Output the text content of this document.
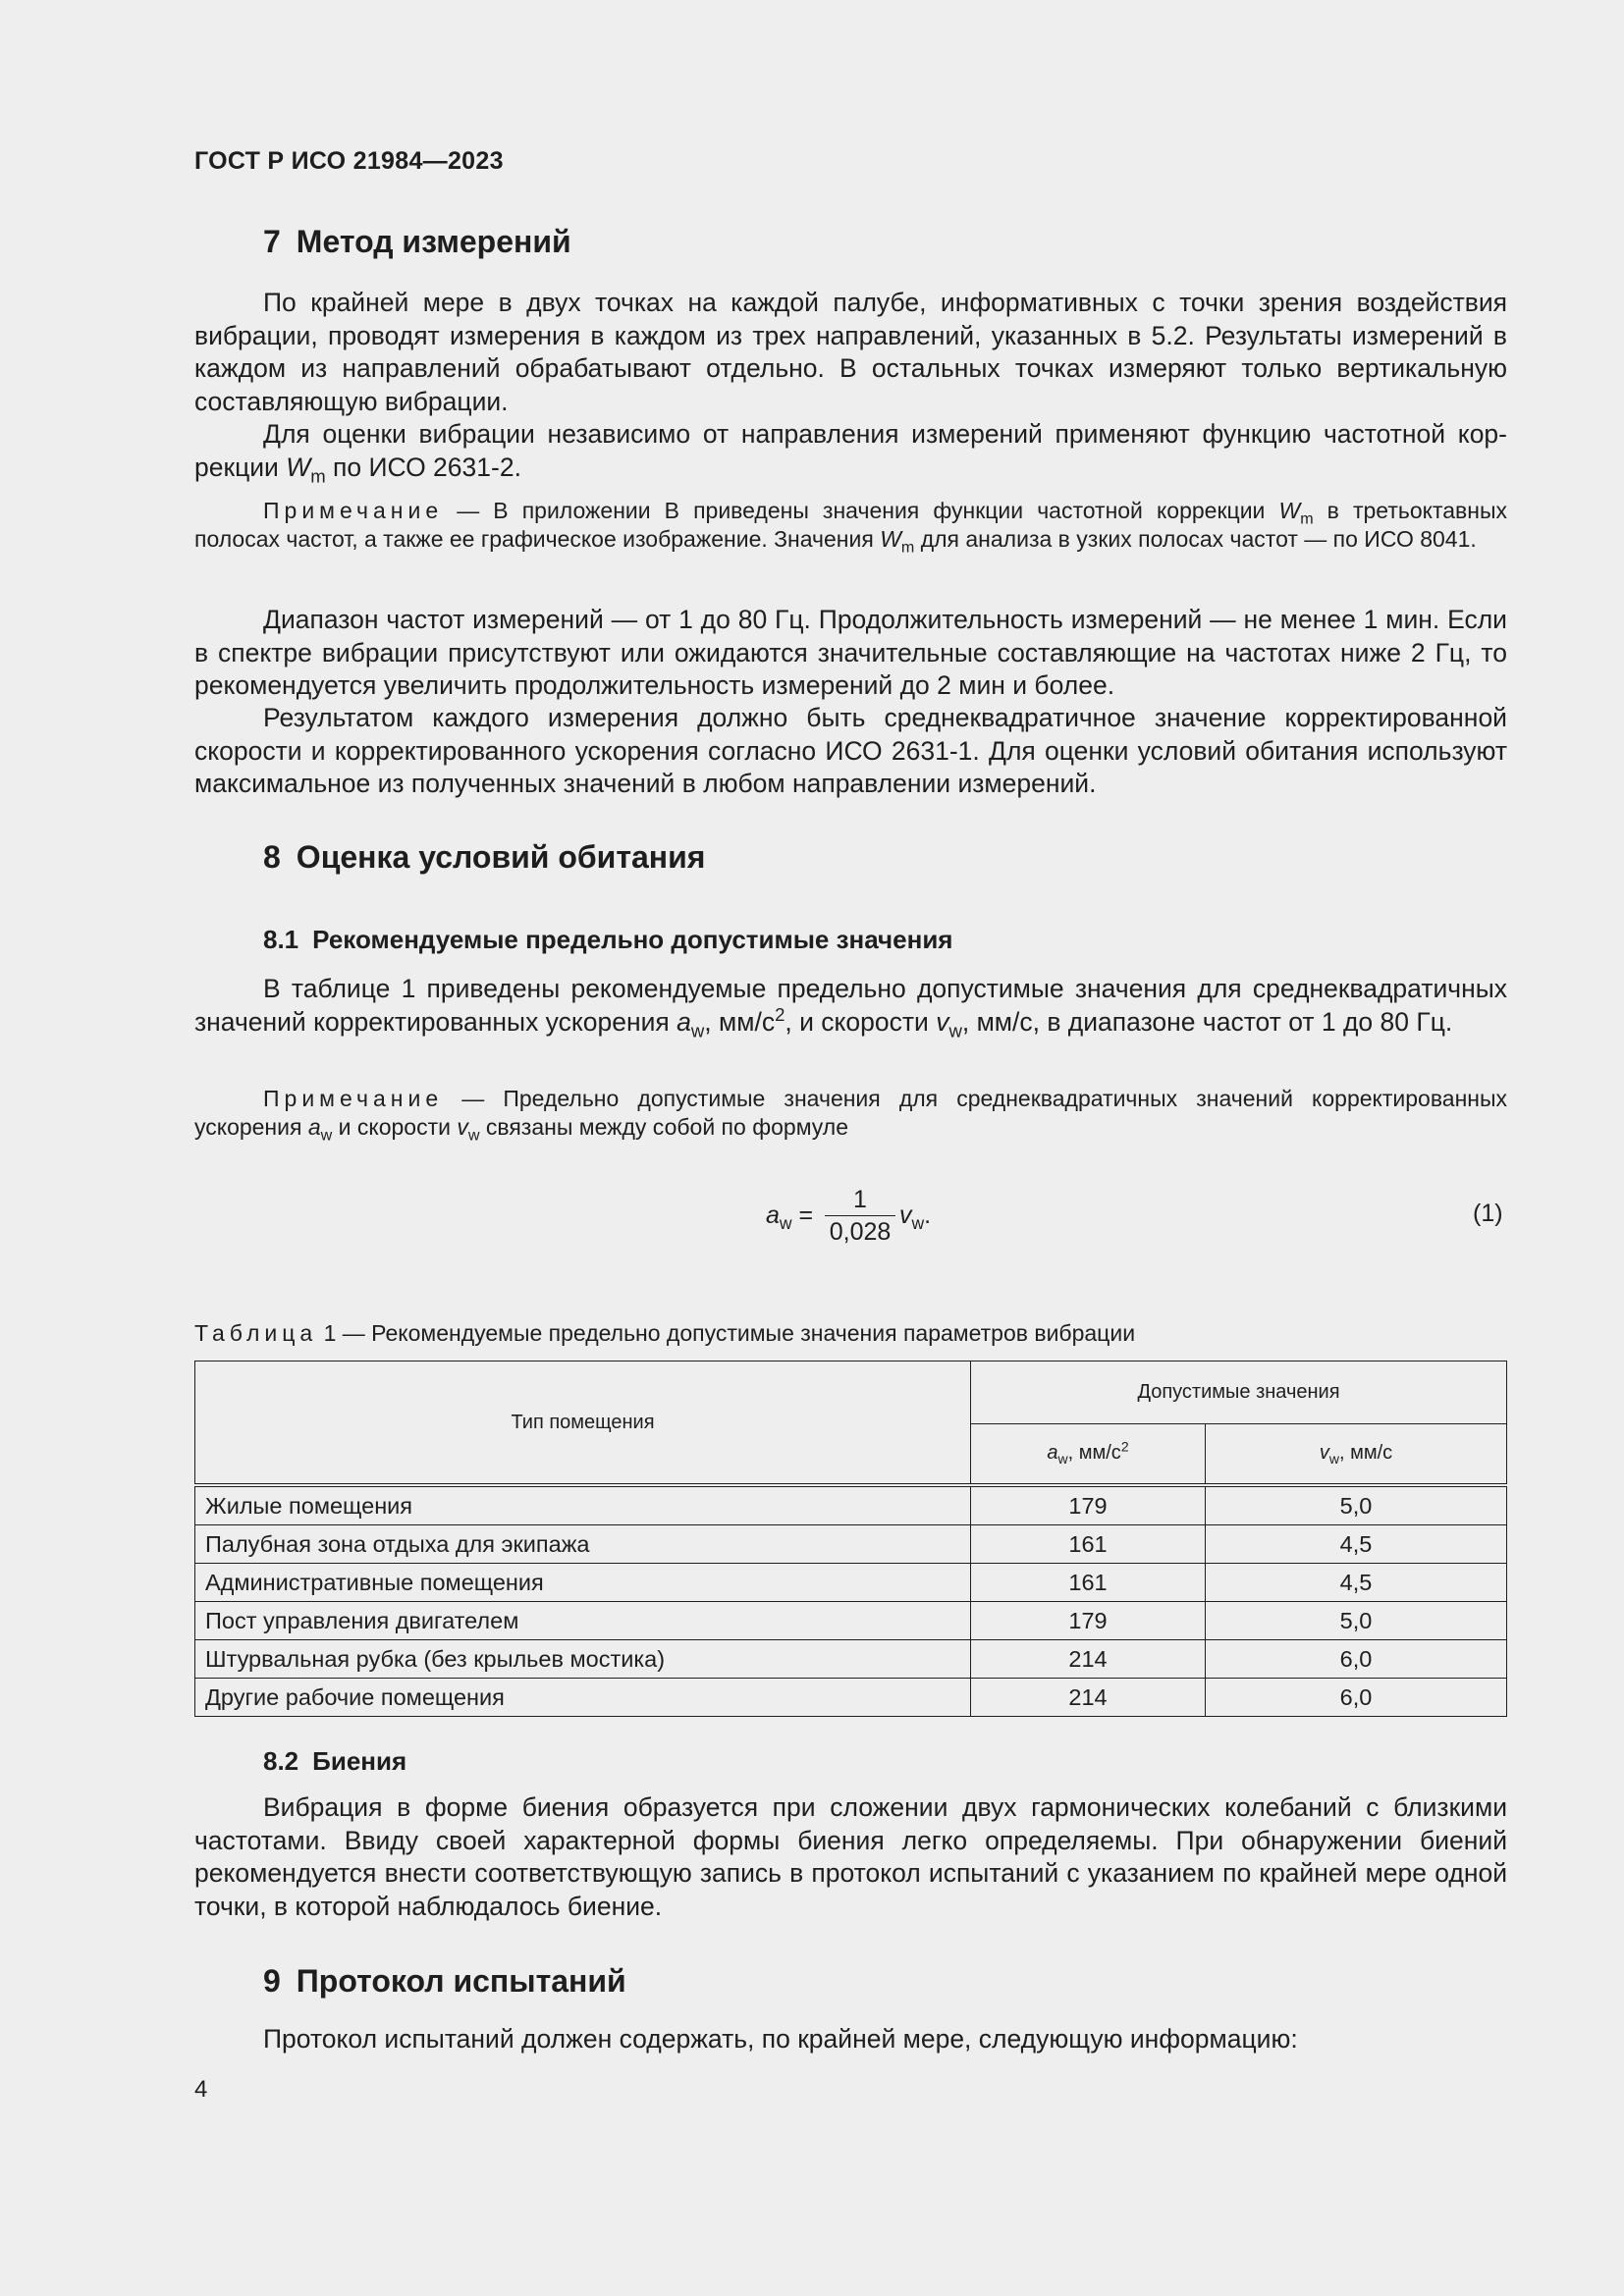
ГОСТ Р ИСО 21984—2023
7 Метод измерений
По крайней мере в двух точках на каждой палубе, информативных с точки зрения воздействия вибрации, проводят измерения в каждом из трех направлений, указанных в 5.2. Результаты измерений в каждом из направлений обрабатывают отдельно. В остальных точках измеряют только вертикальную составляющую вибрации.
Для оценки вибрации независимо от направления измерений применяют функцию частотной коррекции $W_m$ по ИСО 2631-2.
Примечание — В приложении В приведены значения функции частотной коррекции $W_m$ в третьоктавных полосах частот, а также ее графическое изображение. Значения $W_m$ для анализа в узких полосах частот — по ИСО 8041.
Диапазон частот измерений — от 1 до 80 Гц. Продолжительность измерений — не менее 1 мин. Если в спектре вибрации присутствуют или ожидаются значительные составляющие на частотах ниже 2 Гц, то рекомендуется увеличить продолжительность измерений до 2 мин и более.
Результатом каждого измерения должно быть среднеквадратичное значение корректированной скорости и корректированного ускорения согласно ИСО 2631-1. Для оценки условий обитания используют максимальное из полученных значений в любом направлении измерений.
8 Оценка условий обитания
8.1 Рекомендуемые предельно допустимые значения
В таблице 1 приведены рекомендуемые предельно допустимые значения для среднеквадратичных значений корректированных ускорения $a_w$, $мм/с^2$, и скорости $v_w$, мм/с, в диапазоне частот от 1 до 80 Гц.
Примечание — Предельно допустимые значения для среднеквадратичных значений корректированных ускорения $a_w$ и скорости $v_w$ связаны между собой по формуле
$a_w$ =
1
0,028
$v_w$.	(1)
Таблица 1 — Рекомендуемые предельно допустимые значения параметров вибрации
Тип помещения	Допустимые значения	
	$a_w$, $мм/с^2$	$v_w$, мм/с
Жилые помещения	179	5,0
Палубная зона отдыха для экипажа	161	4,5
Административные помещения	161	4,5
Пост управления двигателем	179	5,0
Штурвальная рубка (без крыльев мостика)	214	6,0
Другие рабочие помещения	214	6,0
8.2 Биения
Вибрация в форме биения образуется при сложении двух гармонических колебаний с близкими частотами. Ввиду своей характерной формы биения легко определяемы. При обнаружении биений рекомендуется внести соответствующую запись в протокол испытаний с указанием по крайней мере одной точки, в которой наблюдалось биение.
9 Протокол испытаний
Протокол испытаний должен содержать, по крайней мере, следующую информацию:
4
